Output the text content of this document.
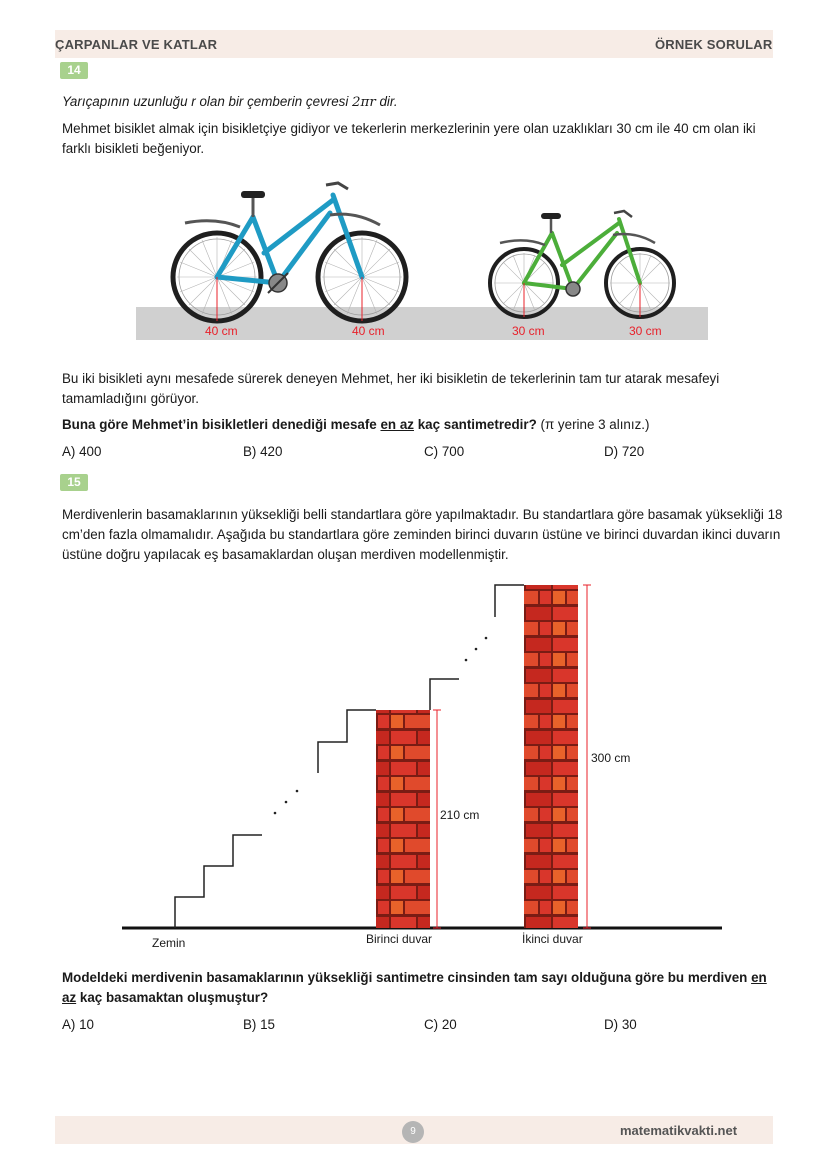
ÇARPANLAR VE KATLAR	ÖRNEK SORULAR
14
Yarıçapının uzunluğu r olan bir çemberin çevresi 2πr dir.
Mehmet bisiklet almak için bisikletçiye gidiyor ve tekerlerin merkezlerinin yere olan uzaklıkları 30 cm ile 40 cm olan iki farklı bisikleti beğeniyor.
40 cm	40 cm	30 cm	30 cm
Bu iki bisikleti aynı mesafede sürerek deneyen Mehmet, her iki bisikletin de tekerlerinin tam tur atarak mesafeyi tamamladığını görüyor.
Buna göre Mehmet’in bisikletleri denediği mesafe en az kaç santimetredir? (π yerine 3 alınız.)
A) 400	B) 420	C) 700	D) 720
15
Merdivenlerin basamaklarının yüksekliği belli standartlara göre yapılmaktadır. Bu standartlara göre basamak yüksekliği 18 cm’den fazla olmamalıdır. Aşağıda bu standartlara göre zeminden birinci duvarın üstüne ve birinci duvardan ikinci duvarın üstüne doğru yapılacak eş basamaklardan oluşan merdiven modellenmiştir.
210 cm
300 cm
Zemin	Birinci duvar	İkinci duvar
Modeldeki merdivenin basamaklarının yüksekliği santimetre cinsinden tam sayı olduğuna göre bu merdiven en az kaç basamaktan oluşmuştur?
A) 10	B) 15	C) 20	D) 30
9	matematikvakti.net
